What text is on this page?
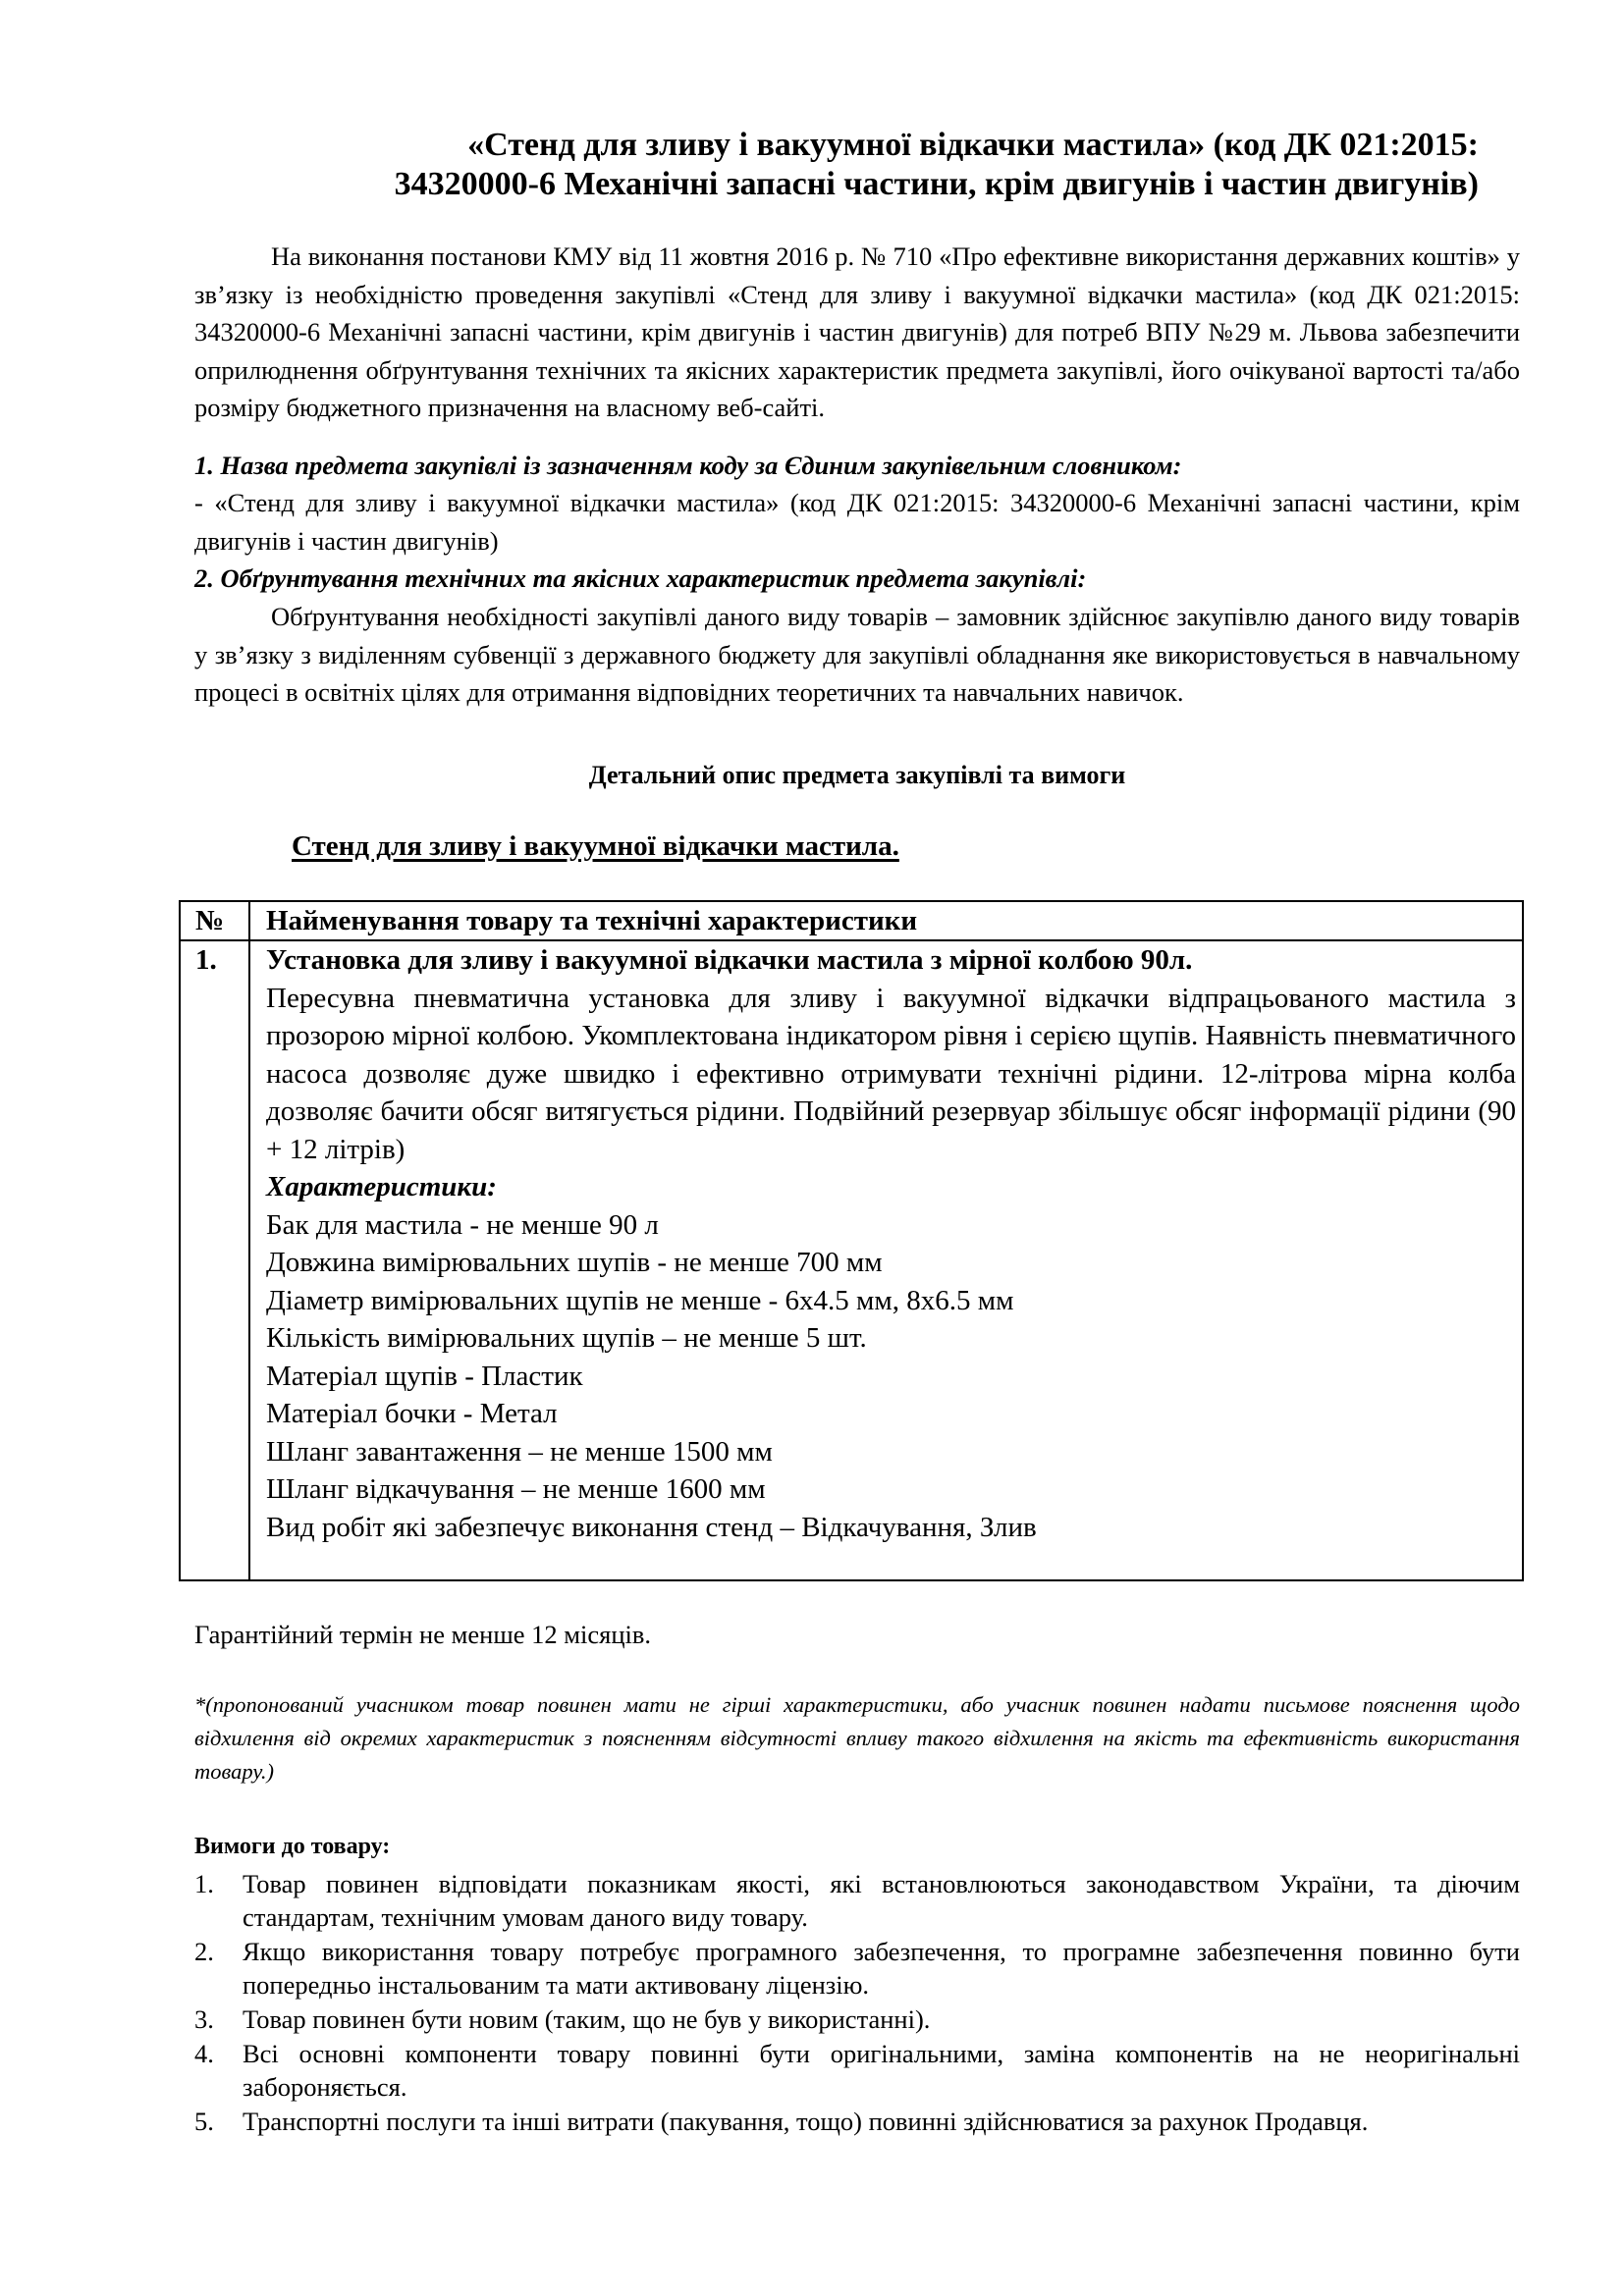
«Стенд для зливу і вакуумної відкачки мастила» (код ДК 021:2015:
34320000-6 Механічні запасні частини, крім двигунів і частин двигунів)

На виконання постанови КМУ від 11 жовтня 2016 р. № 710 «Про ефективне використання державних коштів» у зв’язку із необхідністю проведення закупівлі «Стенд для зливу і вакуумної відкачки мастила» (код ДК 021:2015: 34320000-6 Механічні запасні частини, крім двигунів і частин двигунів) для потреб ВПУ №29 м. Львова забезпечити оприлюднення обґрунтування технічних та якісних характеристик предмета закупівлі, його очікуваної вартості та/або розміру бюджетного призначення на власному веб-сайті.

1. Назва предмета закупівлі із зазначенням коду за Єдиним закупівельним словником:

- «Стенд для зливу і вакуумної відкачки мастила» (код ДК 021:2015: 34320000-6 Механічні запасні частини, крім двигунів і частин двигунів)

2. Обґрунтування технічних та якісних характеристик предмета закупівлі:

Обґрунтування необхідності закупівлі даного виду товарів – замовник здійснює закупівлю даного виду товарів у зв’язку з виділенням субвенції з державного бюджету для закупівлі обладнання яке використовується в навчальному процесі в освітніх цілях для отримання відповідних теоретичних та навчальних навичок.

Детальний опис предмета закупівлі та вимоги
Стенд для зливу і вакуумної відкачки мастила.
№	Найменування товару та технічні характеристики
1.	Установка для зливу і вакуумної відкачки мастила з мірної колбою 90л.
Пересувна пневматична установка для зливу і вакуумної відкачки відпрацьованого мастила з прозорою мірної колбою. Укомплектована індикатором рівня і серією щупів. Наявність пневматичного насоса дозволяє дуже швидко і ефективно отримувати технічні рідини. 12-літрова мірна колба дозволяє бачити обсяг витягується рідини. Подвійний резервуар збільшує обсяг інформації рідини (90 + 12 літрів)
Характеристики:
Бак для мастила - не менше 90 л
Довжина вимірювальних шупів - не менше 700 мм
Діаметр вимірювальних щупів не менше - 6x4.5 мм, 8x6.5 мм
Кількість вимірювальних щупів – не менше 5 шт.
Матеріал щупів - Пластик
Матеріал бочки - Метал
Шланг завантаження – не менше 1500 мм
Шланг відкачування – не менше 1600 мм
Вид робіт які забезпечує виконання стенд – Відкачування, Злив
Гарантійний термін не менше 12 місяців.

*(пропонований учасником товар повинен мати не гірші характеристики, або учасник повинен надати письмове пояснення щодо відхилення від окремих характеристик з поясненням відсутності впливу такого відхилення на якість та ефективність використання товару.)

Вимоги до товару:
1. Товар повинен відповідати показникам якості, які встановлюються законодавством України, та діючим стандартам, технічним умовам даного виду товару.
2. Якщо використання товару потребує програмного забезпечення, то програмне забезпечення повинно бути попередньо інстальованим та мати активовану ліцензію.
3. Товар повинен бути новим (таким, що не був у використанні).
4. Всі основні компоненти товару повинні бути оригінальними, заміна компонентів на не неоригінальні забороняється.
5. Транспортні послуги та інші витрати (пакування, тощо) повинні здійснюватися за рахунок Продавця.
